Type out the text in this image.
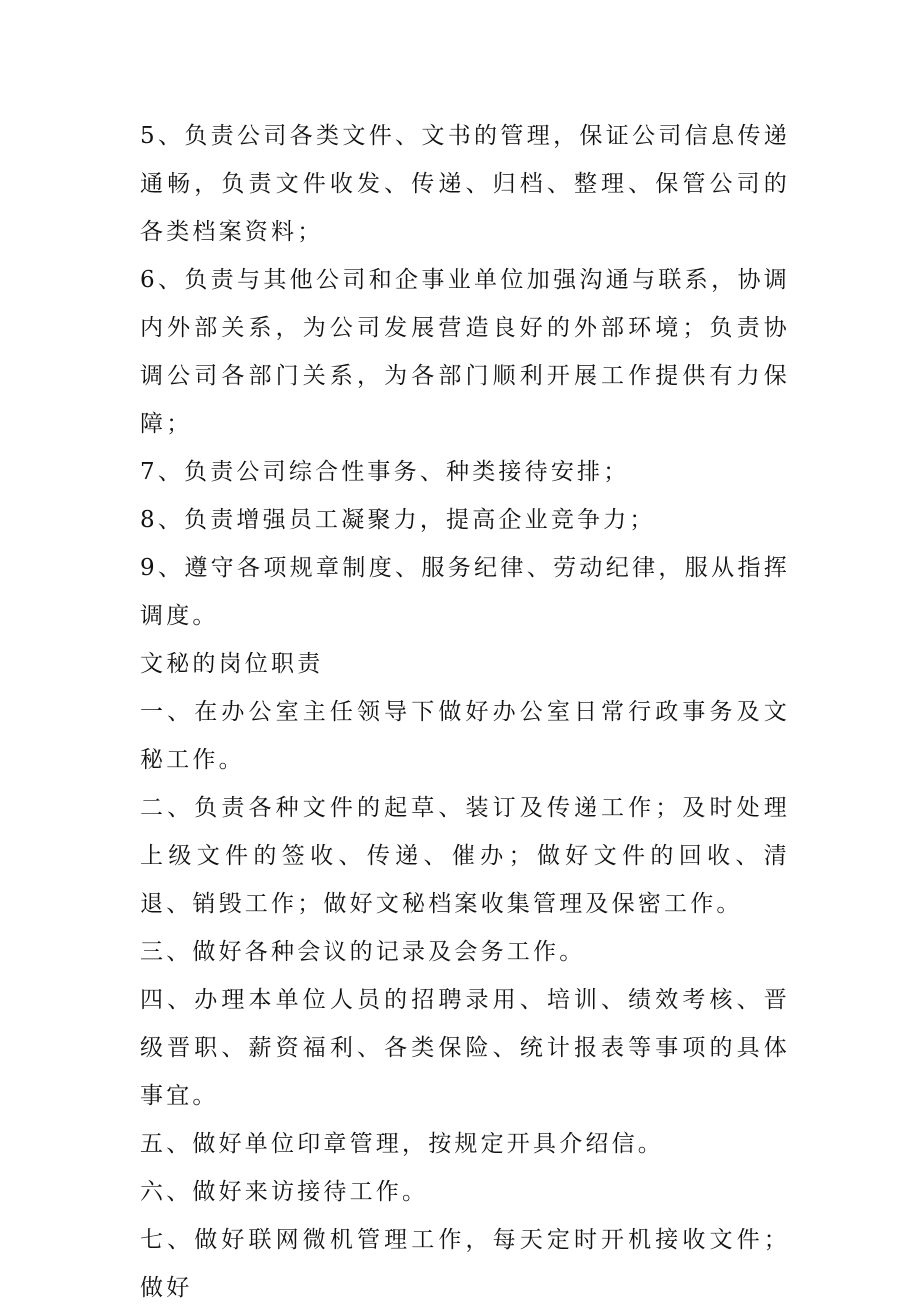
5、负责公司各类文件、文书的管理，保证公司信息传递通畅，负责文件收发、传递、归档、整理、保管公司的各类档案资料；

6、负责与其他公司和企事业单位加强沟通与联系，协调内外部关系，为公司发展营造良好的外部环境；负责协调公司各部门关系，为各部门顺利开展工作提供有力保障；

7、负责公司综合性事务、种类接待安排；

8、负责增强员工凝聚力，提高企业竞争力；

9、遵守各项规章制度、服务纪律、劳动纪律，服从指挥调度。

文秘的岗位职责

一、在办公室主任领导下做好办公室日常行政事务及文秘工作。

二、负责各种文件的起草、装订及传递工作；及时处理上级文件的签收、传递、催办；做好文件的回收、清退、销毁工作；做好文秘档案收集管理及保密工作。

三、做好各种会议的记录及会务工作。

四、办理本单位人员的招聘录用、培训、绩效考核、晋级晋职、薪资福利、各类保险、统计报表等事项的具体事宜。

五、做好单位印章管理，按规定开具介绍信。

六、做好来访接待工作。

七、做好联网微机管理工作，每天定时开机接收文件；做好
